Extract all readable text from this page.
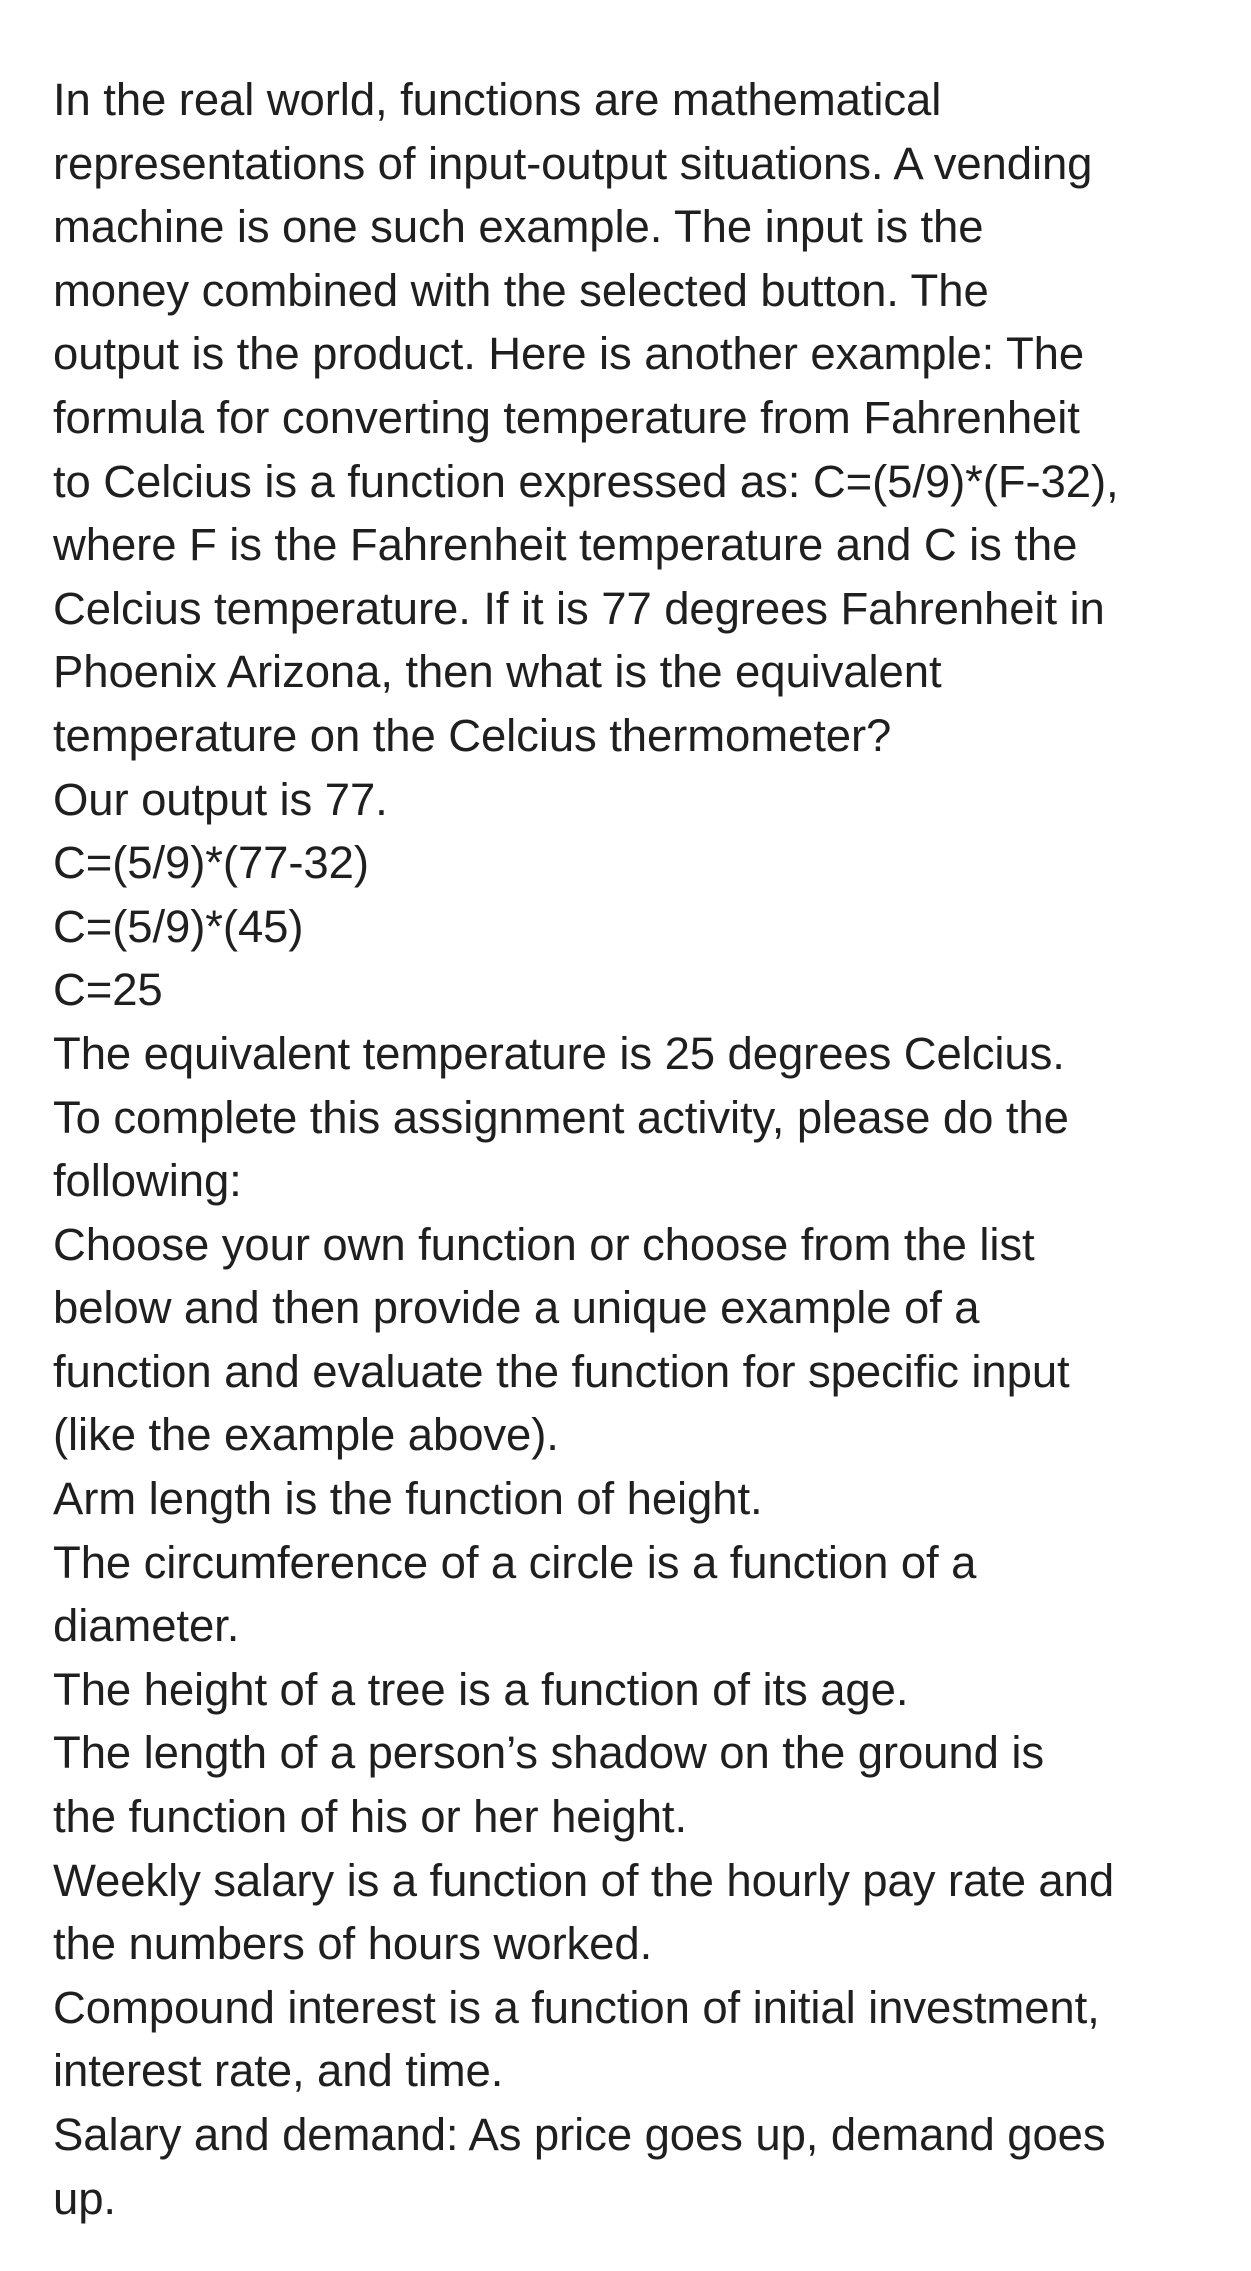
In the real world, functions are mathematical
representations of input-output situations. A vending
machine is one such example. The input is the
money combined with the selected button. The
output is the product. Here is another example: The
formula for converting temperature from Fahrenheit
to Celcius is a function expressed as: C=(5/9)*(F-32),
where F is the Fahrenheit temperature and C is the
Celcius temperature. If it is 77 degrees Fahrenheit in
Phoenix Arizona, then what is the equivalent
temperature on the Celcius thermometer?
Our output is 77.
C=(5/9)*(77-32)
C=(5/9)*(45)
C=25
The equivalent temperature is 25 degrees Celcius.
To complete this assignment activity, please do the
following:
Choose your own function or choose from the list
below and then provide a unique example of a
function and evaluate the function for specific input
(like the example above).
Arm length is the function of height.
The circumference of a circle is a function of a
diameter.
The height of a tree is a function of its age.
The length of a person’s shadow on the ground is
the function of his or her height.
Weekly salary is a function of the hourly pay rate and
the numbers of hours worked.
Compound interest is a function of initial investment,
interest rate, and time.
Salary and demand: As price goes up, demand goes
up.
